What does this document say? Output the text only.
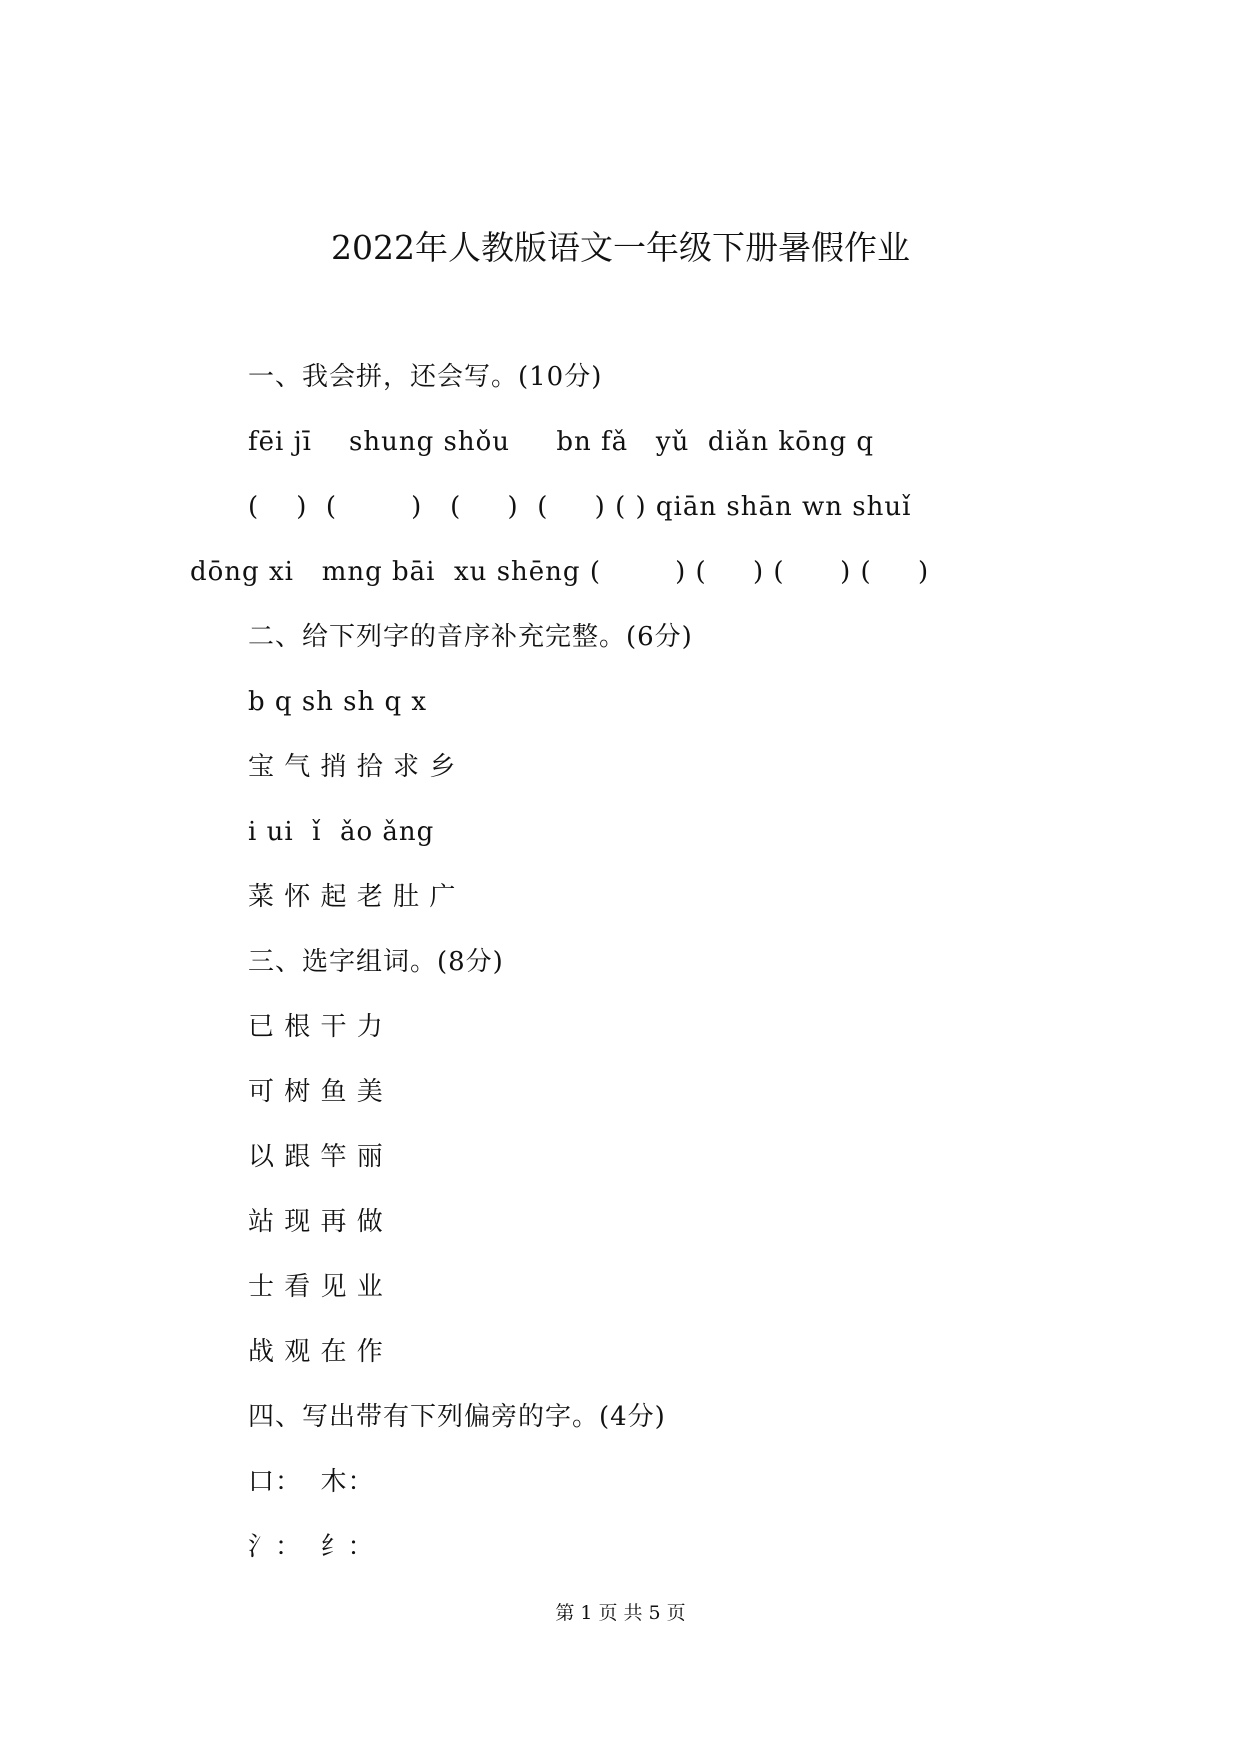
2022年人教版语文一年级下册暑假作业
一、我会拼，还会写。(10分)
fēi jī    shung shǒu     bn fǎ   yǔ  diǎn kōng q
(    )  (        )   (     )  (     ) ( ) qiān shān wn shuǐ
dōng xi   mng bāi  xu shēng (        ) (     ) (      ) (     )
二、给下列字的音序补充完整。(6分)
b q sh sh q x
宝 气 捎 拾 求 乡
i ui  ǐ  ǎo ǎng
菜 怀 起 老 肚 广
三、选字组词。(8分)
已 根 干 力
可 树 鱼 美
以 跟 竿 丽
站 现 再 做
士 看 见 业
战 观 在 作
四、写出带有下列偏旁的字。(4分)
口：  木：
氵：  纟：
第 1 页 共 5 页
